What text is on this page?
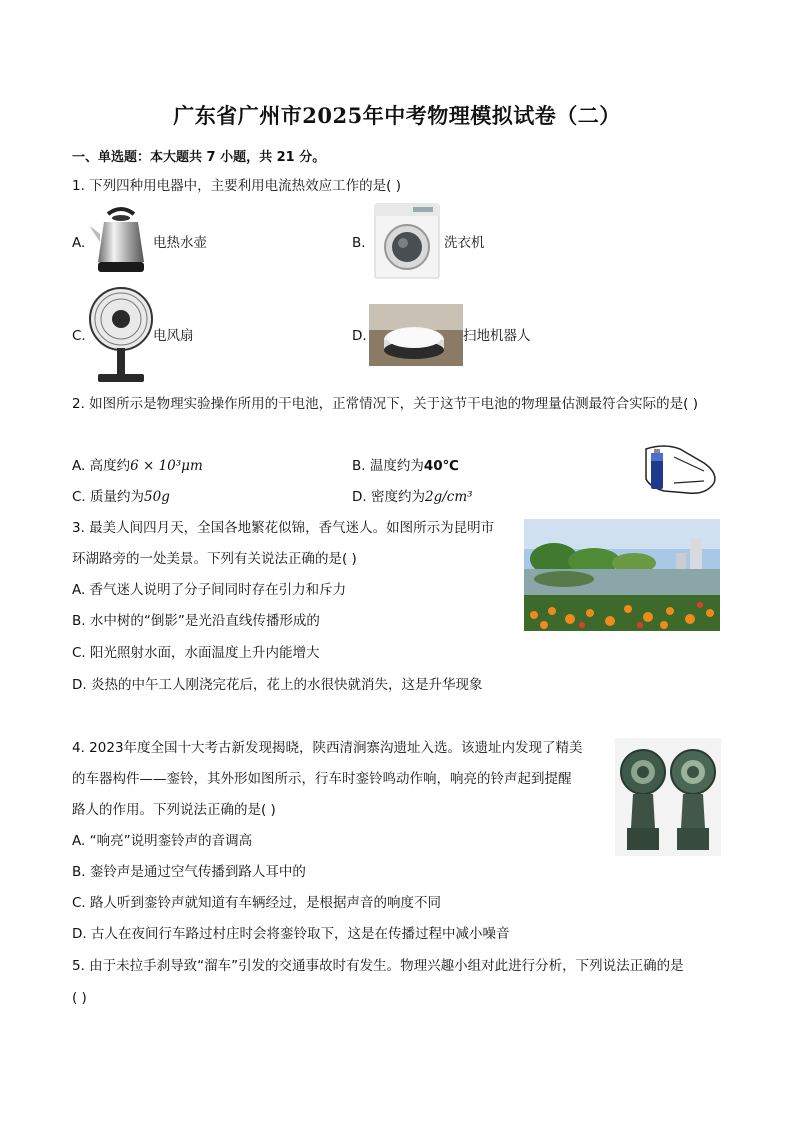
广东省广州市2025年中考物理模拟试卷（二）
一、单选题：本大题共 7 小题，共 21 分。
1. 下列四种用电器中，主要利用电流热效应工作的是( )
A.	电热水壶	B.	洗衣机
C.	电风扇	D.	扫地机器人
2. 如图所示是物理实验操作所用的干电池，正常情况下，关于这节干电池的物理量估测最符合实际的是( )
A. 高度约6 × 10³μm	B. 温度约为40℃
C. 质量约为50g	D. 密度约为2g/cm³
3. 最美人间四月天，全国各地繁花似锦，香气迷人。如图所示为昆明市
环湖路旁的一处美景。下列有关说法正确的是( )
A. 香气迷人说明了分子间同时存在引力和斥力
B. 水中树的“倒影”是光沿直线传播形成的
C. 阳光照射水面，水面温度上升内能增大
D. 炎热的中午工人刚浇完花后，花上的水很快就消失，这是升华现象
4. 2023年度全国十大考古新发现揭晓，陕西清涧寨沟遗址入选。该遗址内发现了精美
的车器构件——銮铃，其外形如图所示，行车时銮铃鸣动作响，响亮的铃声起到提醒
路人的作用。下列说法正确的是( )
A. “响亮”说明銮铃声的音调高
B. 銮铃声是通过空气传播到路人耳中的
C. 路人听到銮铃声就知道有车辆经过，是根据声音的响度不同
D. 古人在夜间行车路过村庄时会将銮铃取下，这是在传播过程中减小噪音
5. 由于未拉手刹导致“溜车”引发的交通事故时有发生。物理兴趣小组对此进行分析，下列说法正确的是
( )
